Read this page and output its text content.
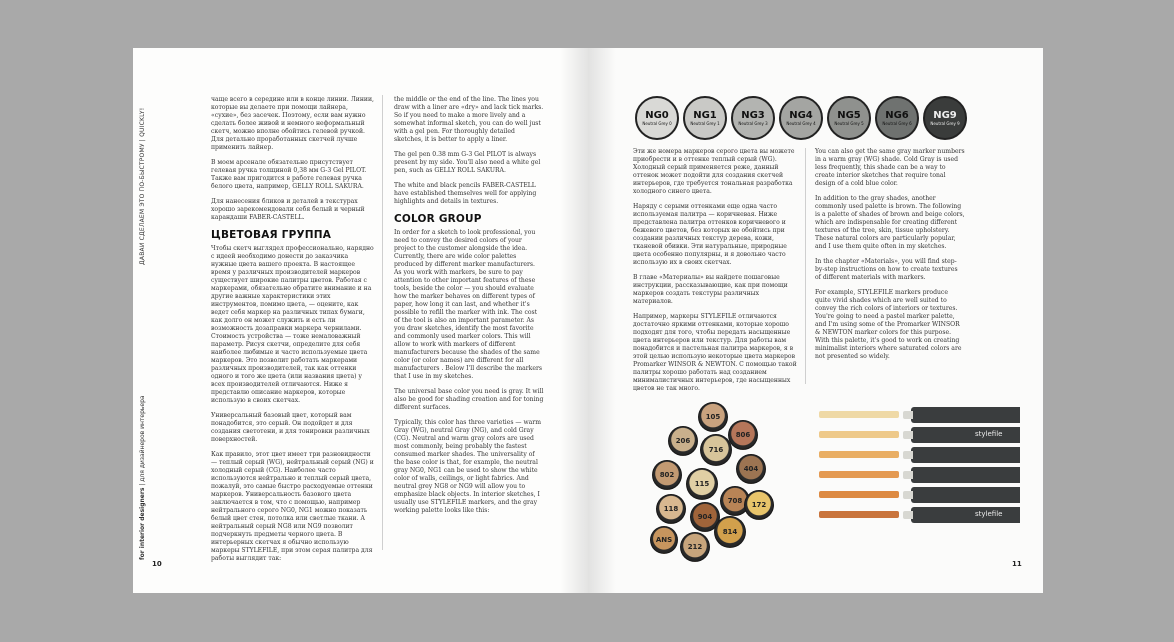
ДАВАЙ СДЕЛАЕМ ЭТО ПО-БЫСТРОМУ | QUICKLY!
for interior designers | для дизайнеров интерьера
10	11

чаще всего в середине или в конце линии. Линии, которые вы делаете при помощи лайнера, «сухие», без засечек. Поэтому, если вам нужно сделать более живой и немного неформальный скетч, можно вполне обойтись гелевой ручкой. Для детально проработанных скетчей лучше применить лайнер.

В моем арсенале обязательно присутствует гелевая ручка толщиной 0,38 мм G-3 Gel PILOT. Также вам пригодится в работе гелевая ручка белого цвета, например, GELLY ROLL SAKURA.

Для нанесения бликов и деталей в текстурах хорошо зарекомендовали себя белый и черный карандаши FABER-CASTELL.

ЦВЕТОВАЯ ГРУППА

Чтобы скетч выглядел профессионально, нарядно с идеей необходимо донести до заказчика нужные цвета вашего проекта. В настоящее время у различных производителей маркеров существует широкие палитры цветов. Работая с маркерами, обязательно обратите внимание и на другие важные характеристики этих инструментов, помимо цвета, — оцените, как ведет себя маркер на различных типах бумаги, как долго он может служить и есть ли возможность дозаправки маркера чернилами. Стоимость устройства — тоже немаловажный параметр. Рисуя скетчи, определите для себя наиболее любимые и часто используемые цвета маркеров. Это позволит работать маркерами различных производителей, так как оттенки одного и того же цвета (или названия цвета) у всех производителей отличаются. Ниже я представлю описание маркеров, которые использую в своих скетчах.

Универсальный базовый цвет, который вам понадобится, это серый. Он подойдет и для создания светотени, и для тонировки различных поверхностей.

Как правило, этот цвет имеет три разновидности — теплый серый (WG), нейтральный серый (NG) и холодный серый (CG). Наиболее часто используются нейтрально и теплый серый цвета, пожалуй, это самые быстро расходуемые оттенки маркеров. Универсальность базового цвета заключается в том, что с помощью, например нейтрального серого NG0, NG1 можно показать белый цвет стен, потолка или светлые ткани. А нейтральный серый NG8 или NG9 позволит подчеркнуть предметы черного цвета. В интерьерных скетчах я обычно использую маркеры STYLEFILE, при этом серая палитра для работы выглядит так:

the middle or the end of the line. The lines you draw with a liner are «dry» and lack tick marks. So if you need to make a more lively and a somewhat informal sketch, you can do well just with a gel pen. For thoroughly detailed sketches, it is better to apply a liner.

The gel pen 0.38 mm G-3 Gel PILOT is always present by my side. You'll also need a white gel pen, such as GELLY ROLL SAKURA.

The white and black pencils FABER-CASTELL have established themselves well for applying highlights and details in textures.

COLOR GROUP

In order for a sketch to look professional, you need to convey the desired colors of your project to the customer alongside the idea. Currently, there are wide color palettes produced by different marker manufacturers. As you work with markers, be sure to pay attention to other important features of these tools, beside the color — you should evaluate how the marker behaves on different types of paper, how long it can last, and whether it's possible to refill the marker with ink. The cost of the tool is also an important parameter. As you draw sketches, identify the most favorite and commonly used marker colors. This will allow to work with markers of different manufacturers because the shades of the same color (or color names) are different for all manufacturers . Below I'll describe the markers that I use in my sketches.

The universal base color you need is gray. It will also be good for shading creation and for toning different surfaces.

Typically, this color has three varieties — warm Gray (WG), neutral Gray (NG), and cold Gray (CG). Neutral and warm gray colors are used most commonly, being probably the fastest consumed marker shades. The universality of the base color is that, for example, the neutral gray NG0, NG1 can be used to show the white color of walls, ceilings, or light fabrics. And neutral grey NG8 or NG9 will allow you to emphasize black objects. In interior sketches, I usually use STYLEFILE markers, and the gray working palette looks like this:

NG0
Neutral Grey 0
NG1
Neutral Grey 1
NG3
Neutral Grey 3
NG4
Neutral Grey 4
NG5
Neutral Grey 5
NG6
Neutral Grey 6
NG9
Neutral Grey 9

Эти же номера маркеров серого цвета вы можете приобрести и в оттенке теплый серый (WG). Холодный серый применяется реже, данный оттенок может подойти для создания скетчей интерьеров, где требуется тональная разработка холодного синего цвета.

Наряду с серыми оттенками еще одна часто используемая палитра — коричневая. Ниже представлена палитра оттенков коричневого и бежевого цветов, без которых не обойтись при создании различных текстур дерева, кожи, тканевой обивки. Эти натуральные, природные цвета особенно популярны, и я довольно часто использую их в своих скетчах.

В главе «Материалы» вы найдете пошаговые инструкции, рассказывающие, как при помощи маркеров создать текстуры различных материалов.

Например, маркеры STYLEFILE отличаются достаточно яркими оттенками, которые хорошо подходят для того, чтобы передать насыщенные цвета интерьеров или текстур. Для работы вам понадобится и пастельная палитра маркеров, я в этой целью использую некоторые цвета маркеров Promarker WINSOR & NEWTON. С помощью такой палитры хорошо работать над созданием минималистичных интерьеров, где насыщенных цветов не так много.

You can also get the same gray marker numbers in a warm gray (WG) shade. Cold Gray is used less frequently, this shade can be a way to create interior sketches that require tonal design of a cold blue color.

In addition to the gray shades, another commonly used palette is brown. The following is a palette of shades of brown and beige colors, which are indispensable for creating different textures of the tree, skin, tissue upholstery. These natural colors are particularly popular, and I use them quite often in my sketches.

In the chapter «Materials», you will find step-by-step instructions on how to create textures of different materials with markers.

For example, STYLEFILE markers produce quite vivid shades which are well suited to convey the rich colors of interiors or textures. You're going to need a pastel marker palette, and I'm using some of the Promarker WINSOR & NEWTON marker colors for this purpose. With this palette, it's good to work on creating minimalist interiors where saturated colors are not presented so widely.

105
806
206
716
404
802
115
708	172
118
904
814
212
ANS
stylefile
stylefile
